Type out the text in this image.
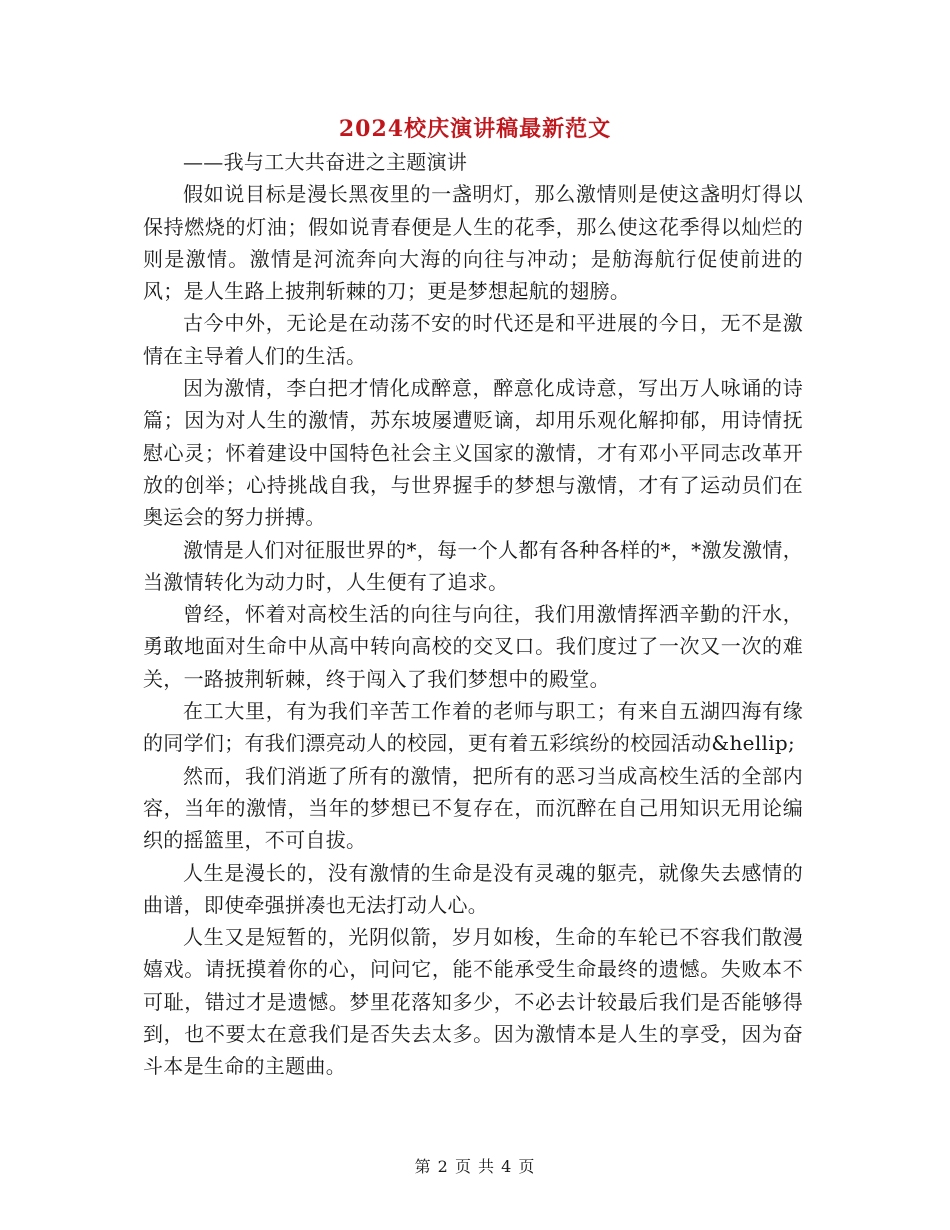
2024校庆演讲稿最新范文

——我与工大共奋进之主题演讲

假如说目标是漫长黑夜里的一盏明灯，那么激情则是使这盏明灯得以保持燃烧的灯油；假如说青春便是人生的花季，那么使这花季得以灿烂的则是激情。激情是河流奔向大海的向往与冲动；是舫海航行促使前进的风；是人生路上披荆斩棘的刀；更是梦想起航的翅膀。

古今中外，无论是在动荡不安的时代还是和平进展的今日，无不是激情在主导着人们的生活。

因为激情，李白把才情化成醉意，醉意化成诗意，写出万人咏诵的诗篇；因为对人生的激情，苏东坡屡遭贬谪，却用乐观化解抑郁，用诗情抚慰心灵；怀着建设中国特色社会主义国家的激情，才有邓小平同志改革开放的创举；心持挑战自我，与世界握手的梦想与激情，才有了运动员们在奥运会的努力拼搏。

激情是人们对征服世界的*，每一个人都有各种各样的*，*激发激情，当激情转化为动力时，人生便有了追求。

曾经，怀着对高校生活的向往与向往，我们用激情挥洒辛勤的汗水，勇敢地面对生命中从高中转向高校的交叉口。我们度过了一次又一次的难关，一路披荆斩棘，终于闯入了我们梦想中的殿堂。

在工大里，有为我们辛苦工作着的老师与职工；有来自五湖四海有缘的同学们；有我们漂亮动人的校园，更有着五彩缤纷的校园活动&hellip;

然而，我们消逝了所有的激情，把所有的恶习当成高校生活的全部内容，当年的激情，当年的梦想已不复存在，而沉醉在自己用知识无用论编织的摇篮里，不可自拔。

人生是漫长的，没有激情的生命是没有灵魂的躯壳，就像失去感情的曲谱，即使牵强拼凑也无法打动人心。

人生又是短暂的，光阴似箭，岁月如梭，生命的车轮已不容我们散漫嬉戏。请抚摸着你的心，问问它，能不能承受生命最终的遗憾。失败本不可耻，错过才是遗憾。梦里花落知多少，不必去计较最后我们是否能够得到，也不要太在意我们是否失去太多。因为激情本是人生的享受，因为奋斗本是生命的主题曲。

第 2 页 共 4 页
